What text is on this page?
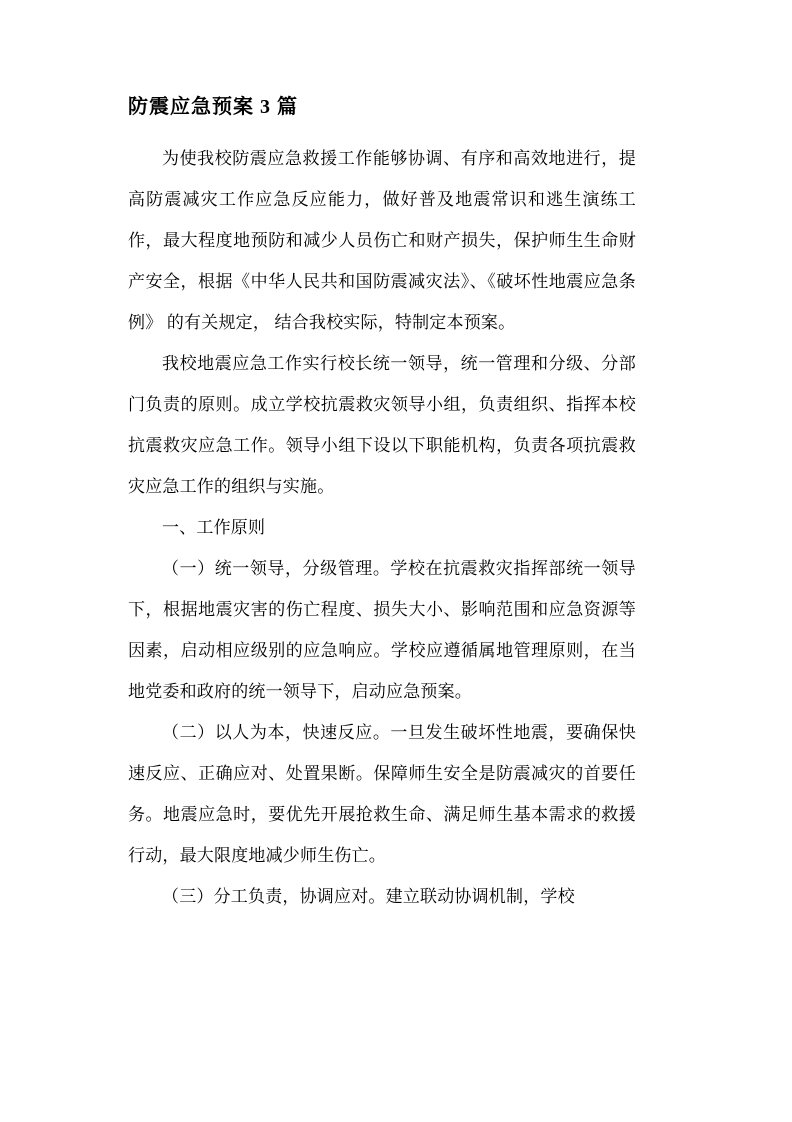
防震应急预案 3 篇

为使我校防震应急救援工作能够协调、有序和高效地进行，提高防震减灾工作应急反应能力，做好普及地震常识和逃生演练工作，最大程度地预防和减少人员伤亡和财产损失，保护师生生命财产安全，根据《中华人民共和国防震减灾法》、《破坏性地震应急条例》 的有关规定， 结合我校实际，特制定本预案。

我校地震应急工作实行校长统一领导，统一管理和分级、分部门负责的原则。成立学校抗震救灾领导小组，负责组织、指挥本校抗震救灾应急工作。领导小组下设以下职能机构，负责各项抗震救灾应急工作的组织与实施。

一、工作原则

（一）统一领导，分级管理。学校在抗震救灾指挥部统一领导下，根据地震灾害的伤亡程度、损失大小、影响范围和应急资源等因素，启动相应级别的应急响应。学校应遵循属地管理原则，在当地党委和政府的统一领导下，启动应急预案。

（二）以人为本，快速反应。一旦发生破坏性地震，要确保快速反应、正确应对、处置果断。保障师生安全是防震减灾的首要任务。地震应急时，要优先开展抢救生命、满足师生基本需求的救援行动，最大限度地减少师生伤亡。

（三）分工负责，协调应对。建立联动协调机制，学校
